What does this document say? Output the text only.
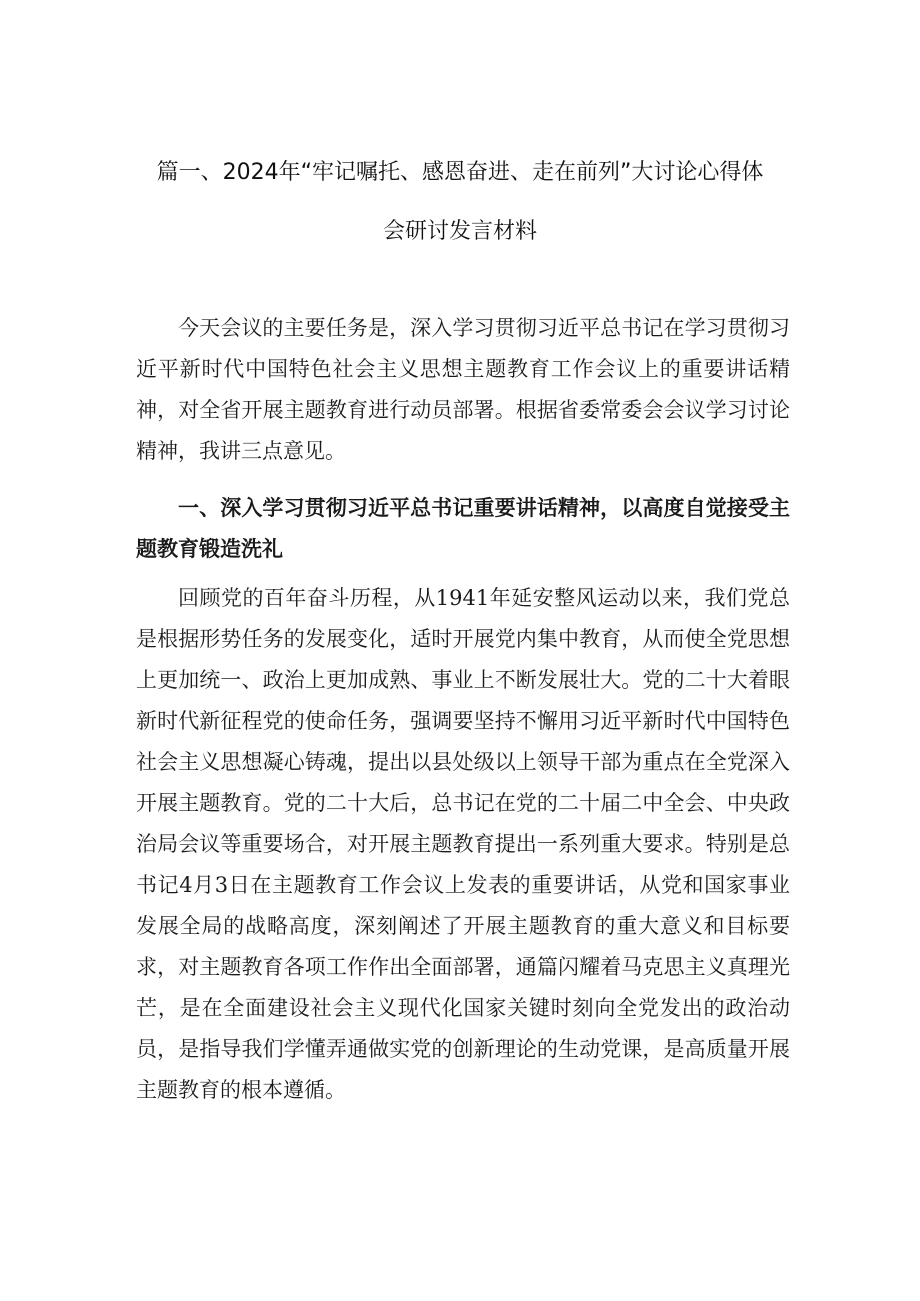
篇一、2024年“牢记嘱托、感恩奋进、走在前列”大讨论心得体
会研讨发言材料

今天会议的主要任务是，深入学习贯彻习近平总书记在学习贯彻习近平新时代中国特色社会主义思想主题教育工作会议上的重要讲话精神，对全省开展主题教育进行动员部署。根据省委常委会会议学习讨论精神，我讲三点意见。

一、深入学习贯彻习近平总书记重要讲话精神，以高度自觉接受主题教育锻造洗礼

回顾党的百年奋斗历程，从1941年延安整风运动以来，我们党总是根据形势任务的发展变化，适时开展党内集中教育，从而使全党思想上更加统一、政治上更加成熟、事业上不断发展壮大。党的二十大着眼新时代新征程党的使命任务，强调要坚持不懈用习近平新时代中国特色社会主义思想凝心铸魂，提出以县处级以上领导干部为重点在全党深入开展主题教育。党的二十大后，总书记在党的二十届二中全会、中央政治局会议等重要场合，对开展主题教育提出一系列重大要求。特别是总书记4月3日在主题教育工作会议上发表的重要讲话，从党和国家事业发展全局的战略高度，深刻阐述了开展主题教育的重大意义和目标要求，对主题教育各项工作作出全面部署，通篇闪耀着马克思主义真理光芒，是在全面建设社会主义现代化国家关键时刻向全党发出的政治动员，是指导我们学懂弄通做实党的创新理论的生动党课，是高质量开展主题教育的根本遵循。
